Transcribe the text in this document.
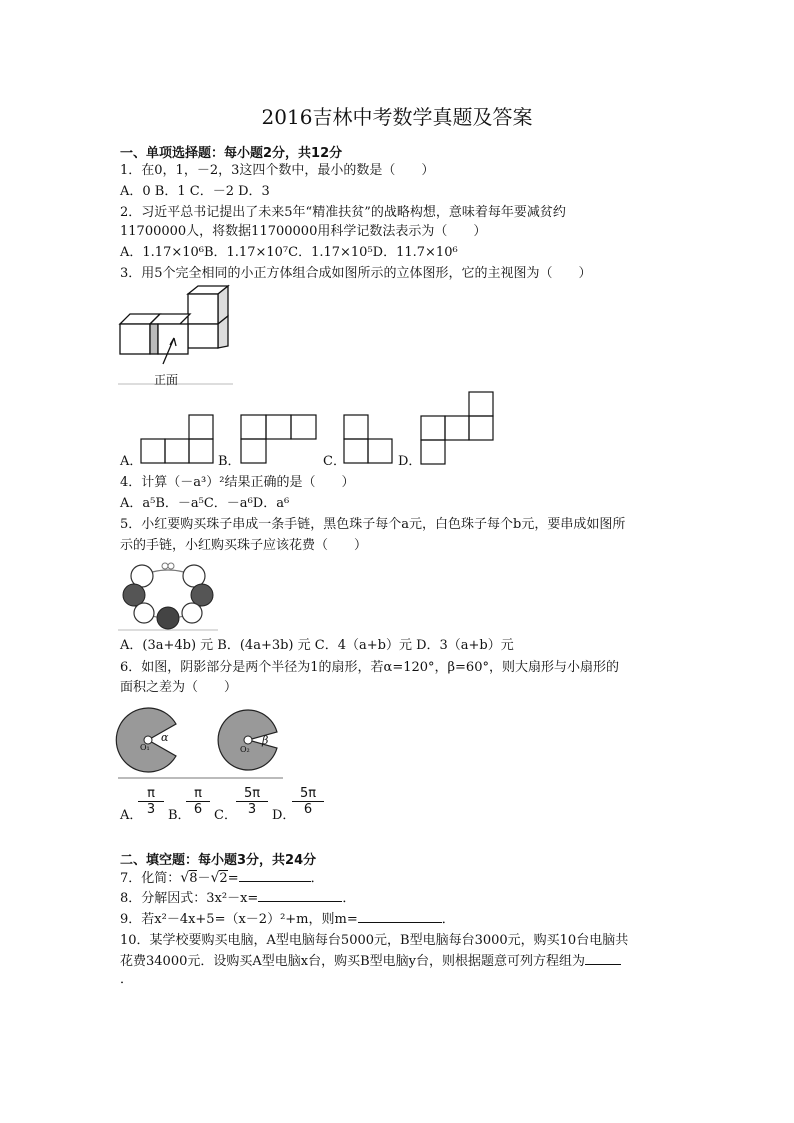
2016吉林中考数学真题及答案
一、单项选择题：每小题2分，共12分
1．在0，1，－2，3这四个数中，最小的数是（　　）
A．0 B．1 C．－2 D．3
2．习近平总书记提出了未来5年“精准扶贫”的战略构想，意味着每年要减贫约
11700000人，将数据11700000用科学记数法表示为（　　）
A．1.17×10⁶B．1.17×10⁷C．1.17×10⁵D．11.7×10⁶
3．用5个完全相同的小正方体组合成如图所示的立体图形，它的主视图为（　　）
正面
A．	B．	C．	D．
4．计算（－a³）²结果正确的是（　　）
A．a⁵B．－a⁵C．－a⁶D．a⁶
5．小红要购买珠子串成一条手链，黑色珠子每个a元，白色珠子每个b元，要串成如图所
示的手链，小红购买珠子应该花费（　　）
A．(3a+4b) 元 B．(4a+3b) 元 C．4（a+b）元 D．3（a+b）元
6．如图，阴影部分是两个半径为1的扇形，若α=120°，β=60°，则大扇形与小扇形的
面积之差为（　　）
α	β
O₁	O₂
A．
$\frac{\pi}{3}$ B．
$\frac{\pi}{6}$ C． $\frac{5\pi}{3}$ D．
$\frac{5\pi}{6}$
二、填空题：每小题3分，共24分
7．化简：√8－√2=	．
8．分解因式：3x²－x=	．
9．若x²－4x+5=（x－2）²+m，则m=	．
10．某学校要购买电脑，A型电脑每台5000元，B型电脑每台3000元，购买10台电脑共
花费34000元．设购买A型电脑x台，购买B型电脑y台，则根据题意可列方程组为
．
